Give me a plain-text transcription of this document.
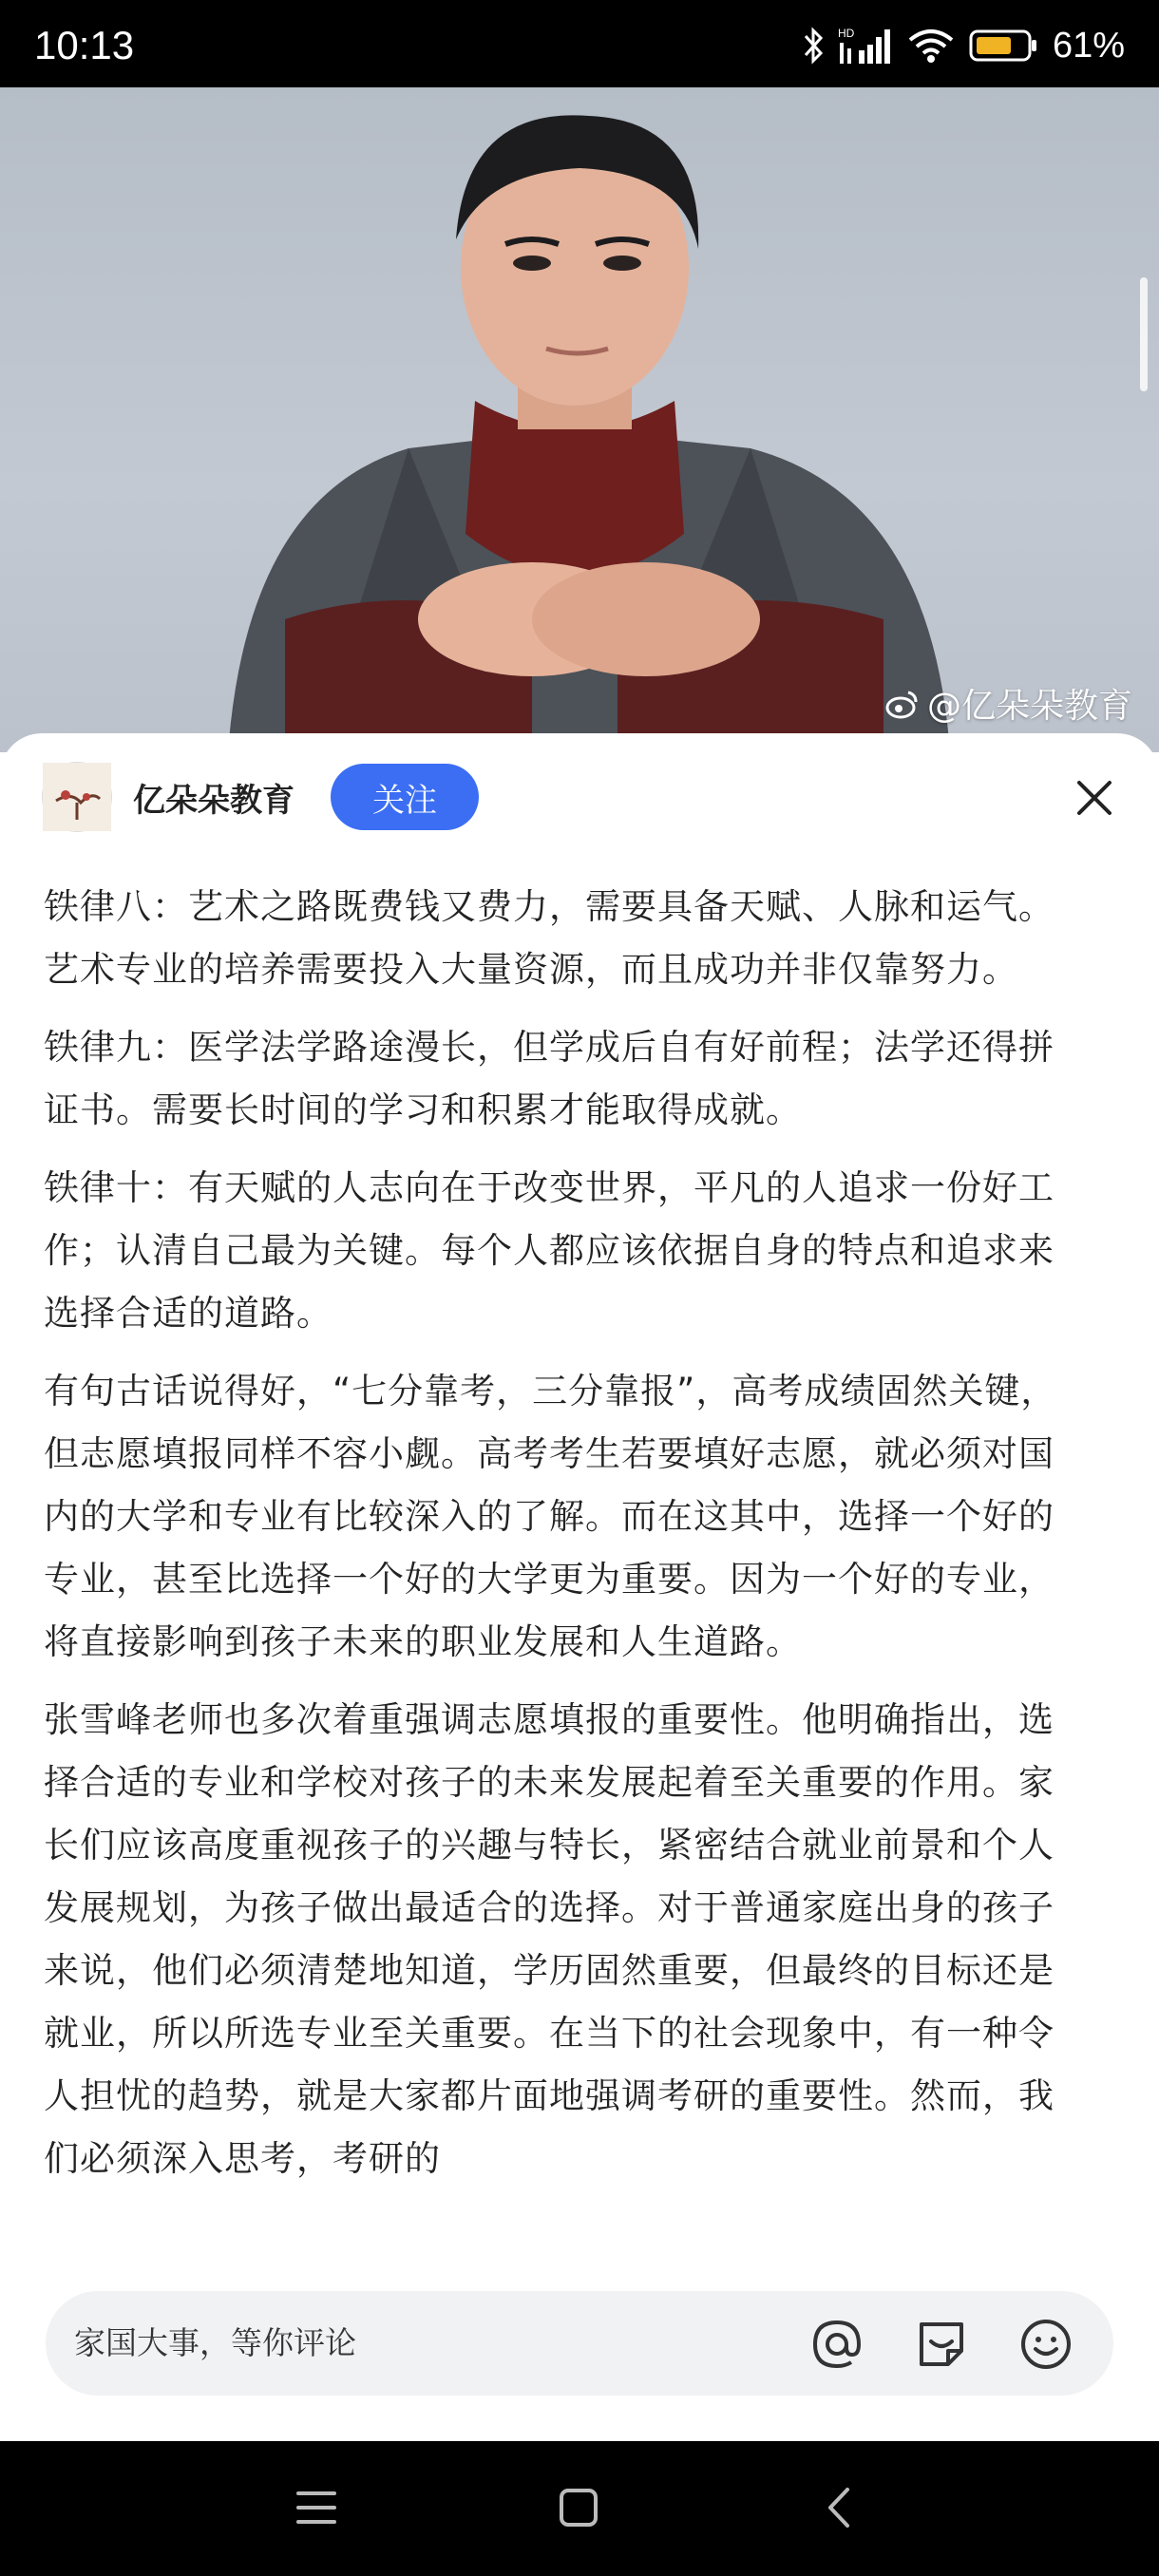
10:13	HD	61%
@亿朵朵教育
亿朵朵教育	关注

铁律八：艺术之路既费钱又费力，需要具备天赋、人脉和运气。艺术专业的培养需要投入大量资源，而且成功并非仅靠努力。

铁律九：医学法学路途漫长，但学成后自有好前程；法学还得拼证书。需要长时间的学习和积累才能取得成就。

铁律十：有天赋的人志向在于改变世界，平凡的人追求一份好工作；认清自己最为关键。每个人都应该依据自身的特点和追求来选择合适的道路。

有句古话说得好，“七分靠考，三分靠报”，高考成绩固然关键，但志愿填报同样不容小觑。高考考生若要填好志愿，就必须对国内的大学和专业有比较深入的了解。而在这其中，选择一个好的专业，甚至比选择一个好的大学更为重要。因为一个好的专业，将直接影响到孩子未来的职业发展和人生道路。

张雪峰老师也多次着重强调志愿填报的重要性。他明确指出，选择合适的专业和学校对孩子的未来发展起着至关重要的作用。家长们应该高度重视孩子的兴趣与特长，紧密结合就业前景和个人发展规划，为孩子做出最适合的选择。对于普通家庭出身的孩子来说，他们必须清楚地知道，学历固然重要，但最终的目标还是就业，所以所选专业至关重要。在当下的社会现象中，有一种令人担忧的趋势，就是大家都片面地强调考研的重要性。然而，我们必须深入思考，考研的

家国大事，等你评论
